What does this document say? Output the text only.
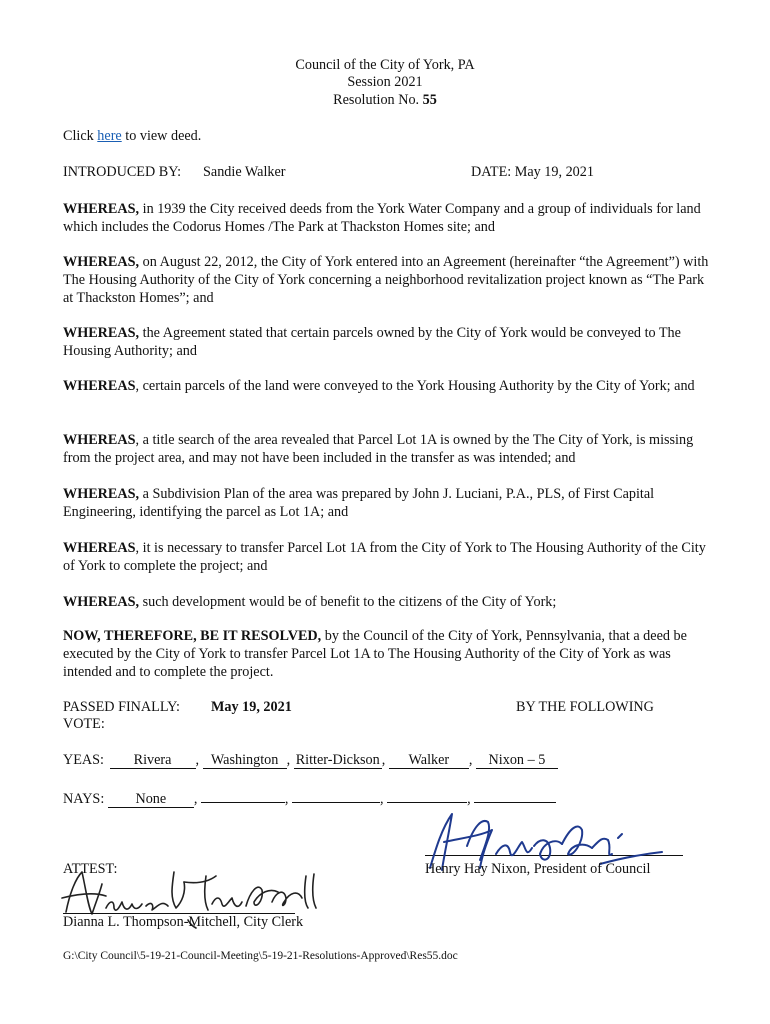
Council of the City of York, PA
Session 2021
Resolution No. 55
Click here to view deed.
INTRODUCED BY: Sandie Walker	DATE: May 19, 2021
WHEREAS, in 1939 the City received deeds from the York Water Company and a group of individuals for land which includes the Codorus Homes /The Park at Thackston Homes site; and
WHEREAS, on August 22, 2012, the City of York entered into an Agreement (hereinafter “the Agreement”) with The Housing Authority of the City of York concerning a neighborhood revitalization project known as “The Park at Thackston Homes”; and
WHEREAS, the Agreement stated that certain parcels owned by the City of York would be conveyed to The Housing Authority; and
WHEREAS, certain parcels of the land were conveyed to the York Housing Authority by the City of York; and
WHEREAS, a title search of the area revealed that Parcel Lot 1A is owned by the The City of York, is missing from the project area, and may not have been included in the transfer as was intended; and
WHEREAS, a Subdivision Plan of the area was prepared by John J. Luciani, P.A., PLS, of First Capital Engineering, identifying the parcel as Lot 1A; and
WHEREAS, it is necessary to transfer Parcel Lot 1A from the City of York to The Housing Authority of the City of York to complete the project; and
WHEREAS, such development would be of benefit to the citizens of the City of York;
NOW, THEREFORE, BE IT RESOLVED, by the Council of the City of York, Pennsylvania, that a deed be executed by the City of York to transfer Parcel Lot 1A to The Housing Authority of the City of York as was intended and to complete the project.
PASSED FINALLY: May 19, 2021	BY THE FOLLOWING
VOTE:
YEAS: Rivera , Washington , Ritter-Dickson , Walker , Nixon – 5
NAYS: None ,	,	,	,
ATTEST:	Henry Hay Nixon, President of Council
Dianna L. Thompson-Mitchell, City Clerk
G:\City Council\5-19-21-Council-Meeting\5-19-21-Resolutions-Approved\Res55.doc
